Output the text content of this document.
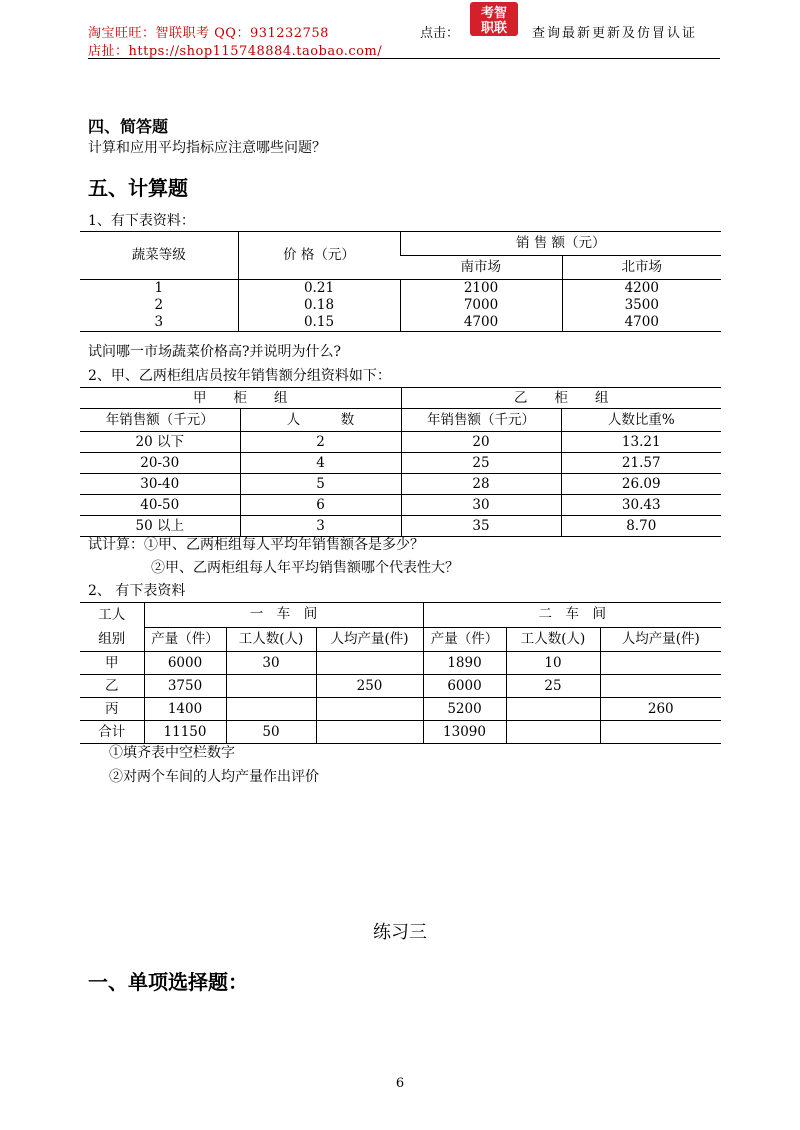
淘宝旺旺：智联职考 QQ：931232758
店扯：https://shop115748884.taobao.com/
点击：
考智
职联 查询最新更新及仿冒认证
四、简答题
计算和应用平均指标应注意哪些问题？
五、计算题
1、有下表资料：
蔬菜等级	价 格（元）	销 售 额（元）	
		南市场	北市场
1	0.21	2100	4200
2	0.18	7000	3500
3	0.15	4700	4700
试问哪一市场蔬菜价格高?并说明为什么?
2、甲、乙两柜组店员按年销售额分组资料如下：
甲　　柜　　组		乙　　柜　　组	
年销售额（千元）	人　　　数	年销售额（千元）	人数比重%
20 以下	2	20	13.21
20-30	4	25	21.57
30-40	5	28	26.09
40-50	6	30	30.43
50 以上	3	35	8.70
试计算：①甲、乙两柜组每人平均年销售额各是多少？
②甲、乙两柜组每人年平均销售额哪个代表性大？
2、 有下表资料
工人	一　车　间			二　车　间		
组别	产量（件）	工人数(人)	人均产量(件)	产量（件）	工人数(人)	人均产量(件)
甲	6000	30		1890	10	
乙	3750		250	6000	25	
丙	1400			5200		260
合计	11150	50		13090		
①填齐表中空栏数字
②对两个车间的人均产量作出评价
练习三
一、单项选择题：
6
